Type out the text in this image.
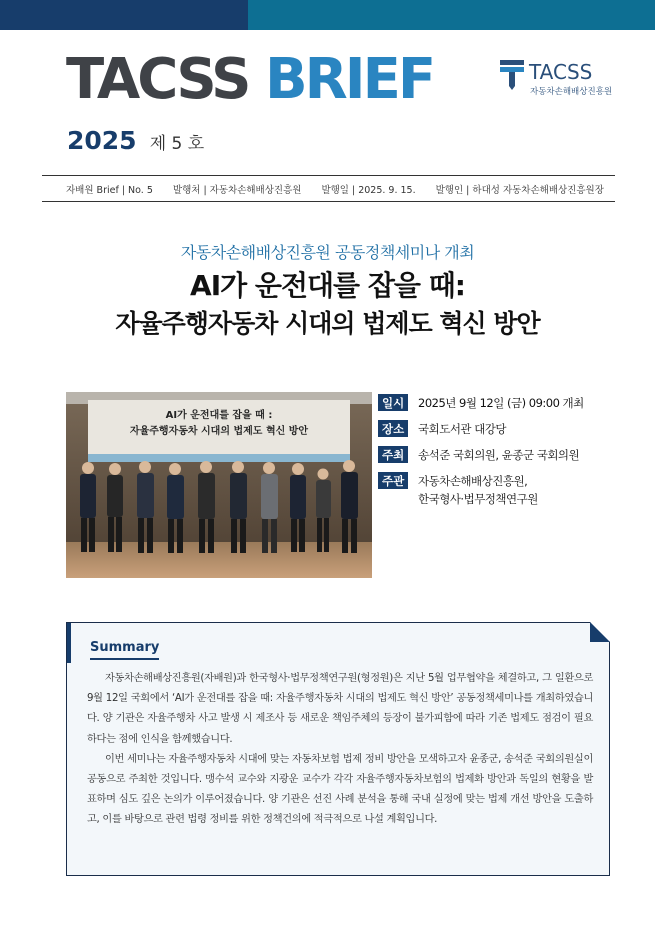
TACSS BRIEF	TACSS
자동차손해배상진흥원
2025 제 5 호
자배원 Brief | No. 5 발행처 | 자동차손해배상진흥원 발행일 | 2025. 9. 15. 발행인 | 하대성 자동차손해배상진흥원장
자동차손해배상진흥원 공동정책세미나 개최
AI가 운전대를 잡을 때:
자율주행자동차 시대의 법제도 혁신 방안
AI가 운전대를 잡을 때 :
자율주행자동차 시대의 법제도 혁신 방안
일시	2025년 9월 12일 (금) 09:00 개최
장소	국회도서관 대강당
주최	송석준 국회의원, 윤종군 국회의원
주관	자동차손해배상진흥원,
한국형사·법무정책연구원
Summary

자동차손해배상진흥원(자배원)과 한국형사·법무정책연구원(형정원)은 지난 5월 업무협약을 체결하고, 그 일환으로 9월 12일 국회에서 ‘AI가 운전대를 잡을 때: 자율주행자동차 시대의 법제도 혁신 방안’ 공동정책세미나를 개최하였습니다. 양 기관은 자율주행차 사고 발생 시 제조사 등 새로운 책임주체의 등장이 불가피함에 따라 기존 법제도 점검이 필요하다는 점에 인식을 함께했습니다.

이번 세미나는 자율주행자동차 시대에 맞는 자동차보험 법제 정비 방안을 모색하고자 윤종군, 송석준 국회의원실이 공동으로 주최한 것입니다. 맹수석 교수와 지광운 교수가 각각 자율주행자동차보험의 법제화 방안과 독일의 현황을 발표하며 심도 깊은 논의가 이루어졌습니다. 양 기관은 선진 사례 분석을 통해 국내 실정에 맞는 법제 개선 방안을 도출하고, 이를 바탕으로 관련 법령 정비를 위한 정책건의에 적극적으로 나설 계획입니다.
